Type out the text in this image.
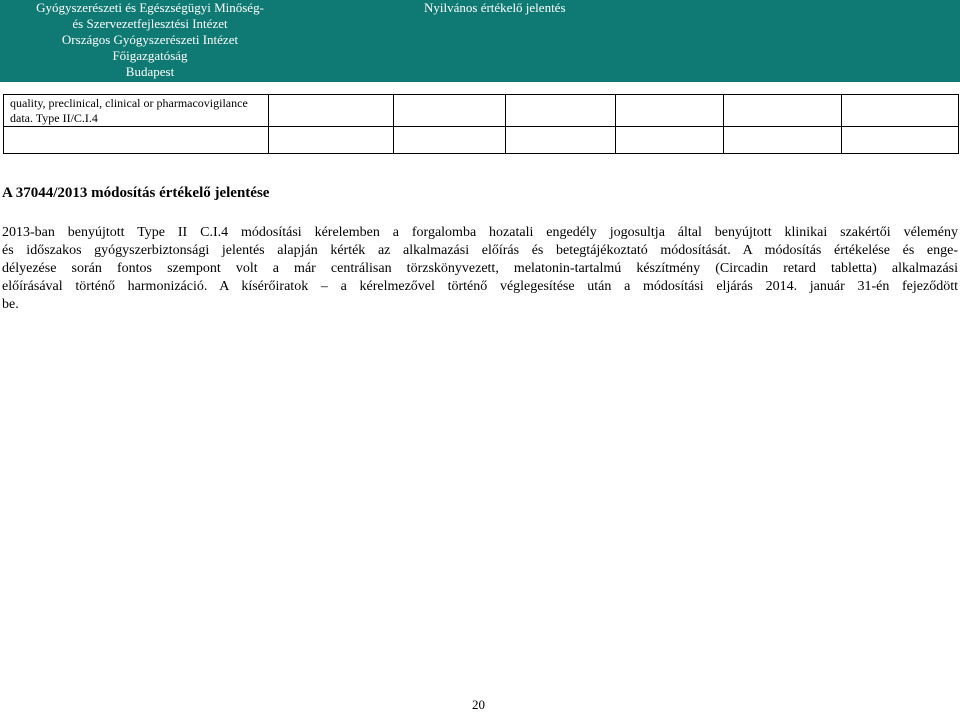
Gyógyszerészeti és Egészségügyi Minőség-
és Szervezetfejlesztési Intézet
Országos Gyógyszerészeti Intézet
Főigazgatóság
Budapest
Nyilvános értékelő jelentés
quality, preclinical, clinical or pharmacovigilance
data. Type II/C.I.4						

A 37044/2013 módosítás értékelő jelentése

2013-ban benyújtott Type II C.I.4 módosítási kérelemben a forgalomba hozatali engedély jogosultja által benyújtott klinikai szakértői vélemény

és időszakos gyógyszerbiztonsági jelentés alapján kérték az alkalmazási előírás és betegtájékoztató módosítását. A módosítás értékelése és enge-

délyezése során fontos szempont volt a már centrálisan törzskönyvezett, melatonin-tartalmú készítmény (Circadin retard tabletta) alkalmazási

előírásával történő harmonizáció. A kísérőiratok – a kérelmezővel történő véglegesítése után a módosítási eljárás 2014. január 31-én fejeződött

be.

20
